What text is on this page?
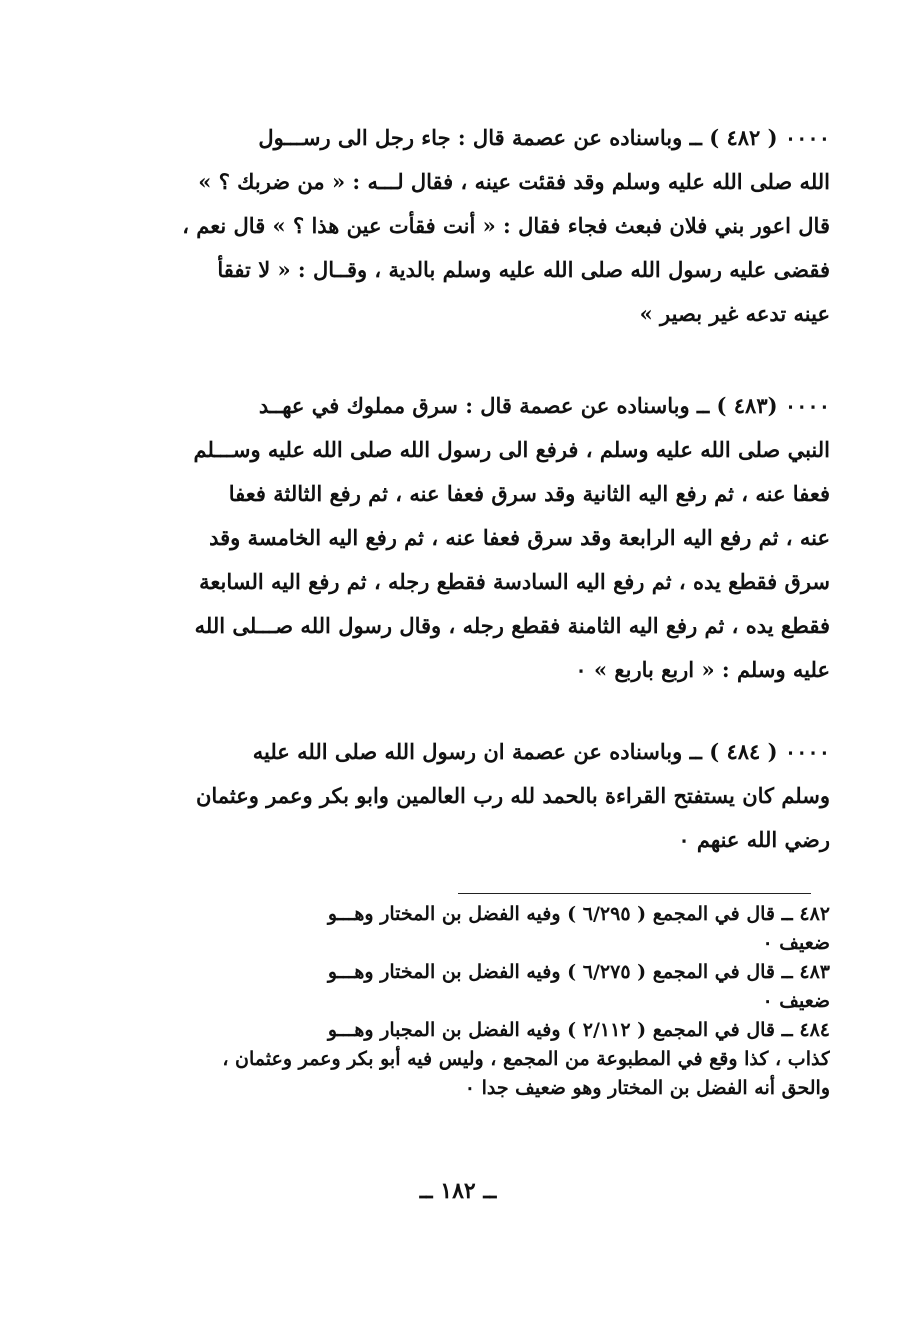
٠٠٠٠ ( ٤٨٢ ) ــ وباسناده عن عصمة قال : جاء رجل الى رســـول
الله صلى الله عليه وسلم وقد فقئت عينه ، فقال لـــه : « من ضربك ؟ »
قال اعور بني فلان فبعث فجاء فقال : « أنت فقأت عين هذا ؟ » قال نعم ،
فقضى عليه رسول الله صلى الله عليه وسلم بالدية ، وقــال : « لا تفقأ
عينه تدعه غير بصير »
٠٠٠٠ (٤٨٣ ) ــ وباسناده عن عصمة قال : سرق مملوك في عهــد
النبي صلى الله عليه وسلم ، فرفع الى رسول الله صلى الله عليه وســـلم
فعفا عنه ، ثم رفع اليه الثانية وقد سرق فعفا عنه ، ثم رفع الثالثة فعفا
عنه ، ثم رفع اليه الرابعة وقد سرق فعفا عنه ، ثم رفع اليه الخامسة وقد
سرق فقطع يده ، ثم رفع اليه السادسة فقطع رجله ، ثم رفع اليه السابعة
فقطع يده ، ثم رفع اليه الثامنة فقطع رجله ، وقال رسول الله صـــلى الله
عليه وسلم : « اربع باربع » ٠
٠٠٠٠ ( ٤٨٤ ) ــ وباسناده عن عصمة ان رسول الله صلى الله عليه
وسلم كان يستفتح القراءة بالحمد لله رب العالمين وابو بكر وعمر وعثمان
رضي الله عنهم ٠
٤٨٢ ــ قال في المجمع ( ٦/٢٩٥ ) وفيه الفضل بن المختار وهـــو
ضعيف ٠
٤٨٣ ــ قال في المجمع ( ٦/٢٧٥ ) وفيه الفضل بن المختار وهـــو
ضعيف ٠
٤٨٤ ــ قال في المجمع ( ٢/١١٢ ) وفيه الفضل بن المجبار وهـــو
كذاب ، كذا وقع في المطبوعة من المجمع ، وليس فيه أبو بكر وعمر وعثمان ،
والحق أنه الفضل بن المختار وهو ضعيف جدا ٠
ــ ١٨٢ ــ
